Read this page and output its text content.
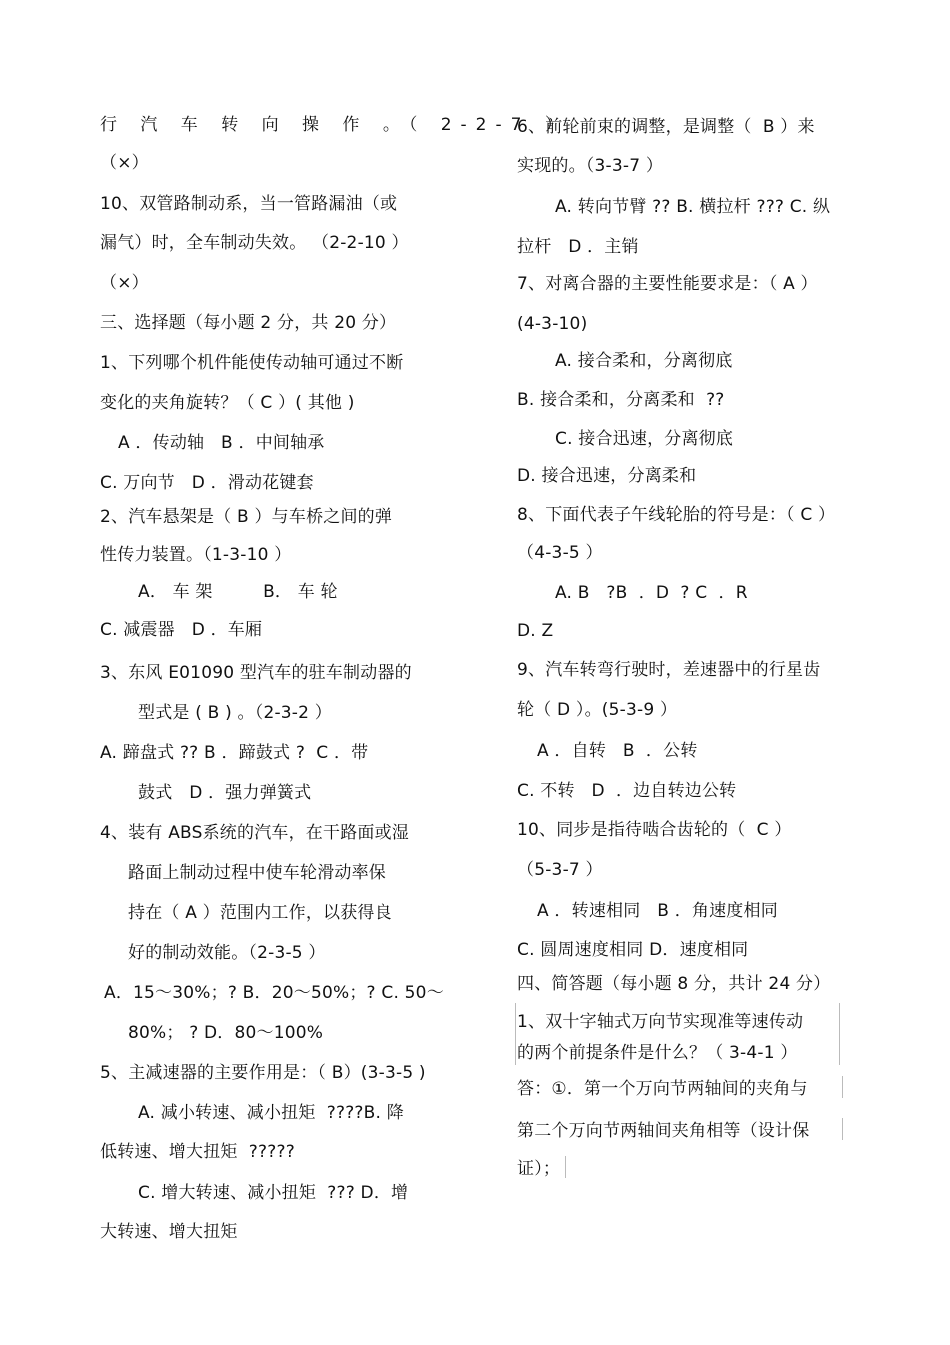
行 汽 车 转 向 操 作 。（ 2-2-7 ）
（×）
10、双管路制动系，当一管路漏油（或
漏气）时，全车制动失效。 （2-2-10 ）
（×）
三、选择题（每小题 2 分，共 20 分）
1、下列哪个机件能使传动轴可通过不断
变化的夹角旋转？（ C ）( 其他 )
A ．传动轴   B ．中间轴承
C. 万向节   D ．滑动花键套
2、汽车悬架是（ B ）与车桥之间的弹
性传力装置。（1-3-10 ）
A． 车 架         B． 车 轮
C. 减震器   D ．车厢
3、东风 E01090 型汽车的驻车制动器的
型式是 ( B ) 。（2-3-2 ）
A. 蹄盘式 ?? B ．蹄鼓式 ?  C ．带
鼓式   D ．强力弹簧式
4、装有 ABS系统的汽车，在干路面或湿
路面上制动过程中使车轮滑动率保
持在（ A ）范围内工作，以获得良
好的制动效能。（2-3-5 ）
A．15～30%；? B．20～50%；? C. 50～
80%； ? D．80～100%
5、主减速器的主要作用是：（ B）(3-3-5 )
A. 减小转速、减小扭矩  ????B. 降
低转速、增大扭矩  ?????
C. 增大转速、减小扭矩  ??? D．增
大转速、增大扭矩
6、前轮前束的调整，是调整（  B ）来
实现的。（3-3-7 ）
A. 转向节臂 ?? B. 横拉杆 ??? C. 纵
拉杆   D ．主销
7、对离合器的主要性能要求是：（ A ）
(4-3-10)
A. 接合柔和，分离彻底
B. 接合柔和，分离柔和  ??
C. 接合迅速，分离彻底
D. 接合迅速，分离柔和
8、下面代表子午线轮胎的符号是：（ C ）
（4-3-5 ）
A. B   ?B  ．D  ? C  ．R
D. Z
9、汽车转弯行驶时，差速器中的行星齿
轮（ D ）。(5-3-9 ）
A ．自转   B  ．公转
C. 不转   D  ．边自转边公转
10、同步是指待啮合齿轮的（  C ）
（5-3-7 ）
A ．转速相同   B ．角速度相同
C. 圆周速度相同 D．速度相同
四、简答题（每小题 8 分，共计 24 分）
1、双十字轴式万向节实现准等速传动
的两个前提条件是什么？（ 3-4-1 ）
答：①．第一个万向节两轴间的夹角与
第二个万向节两轴间夹角相等（设计保
证）；
